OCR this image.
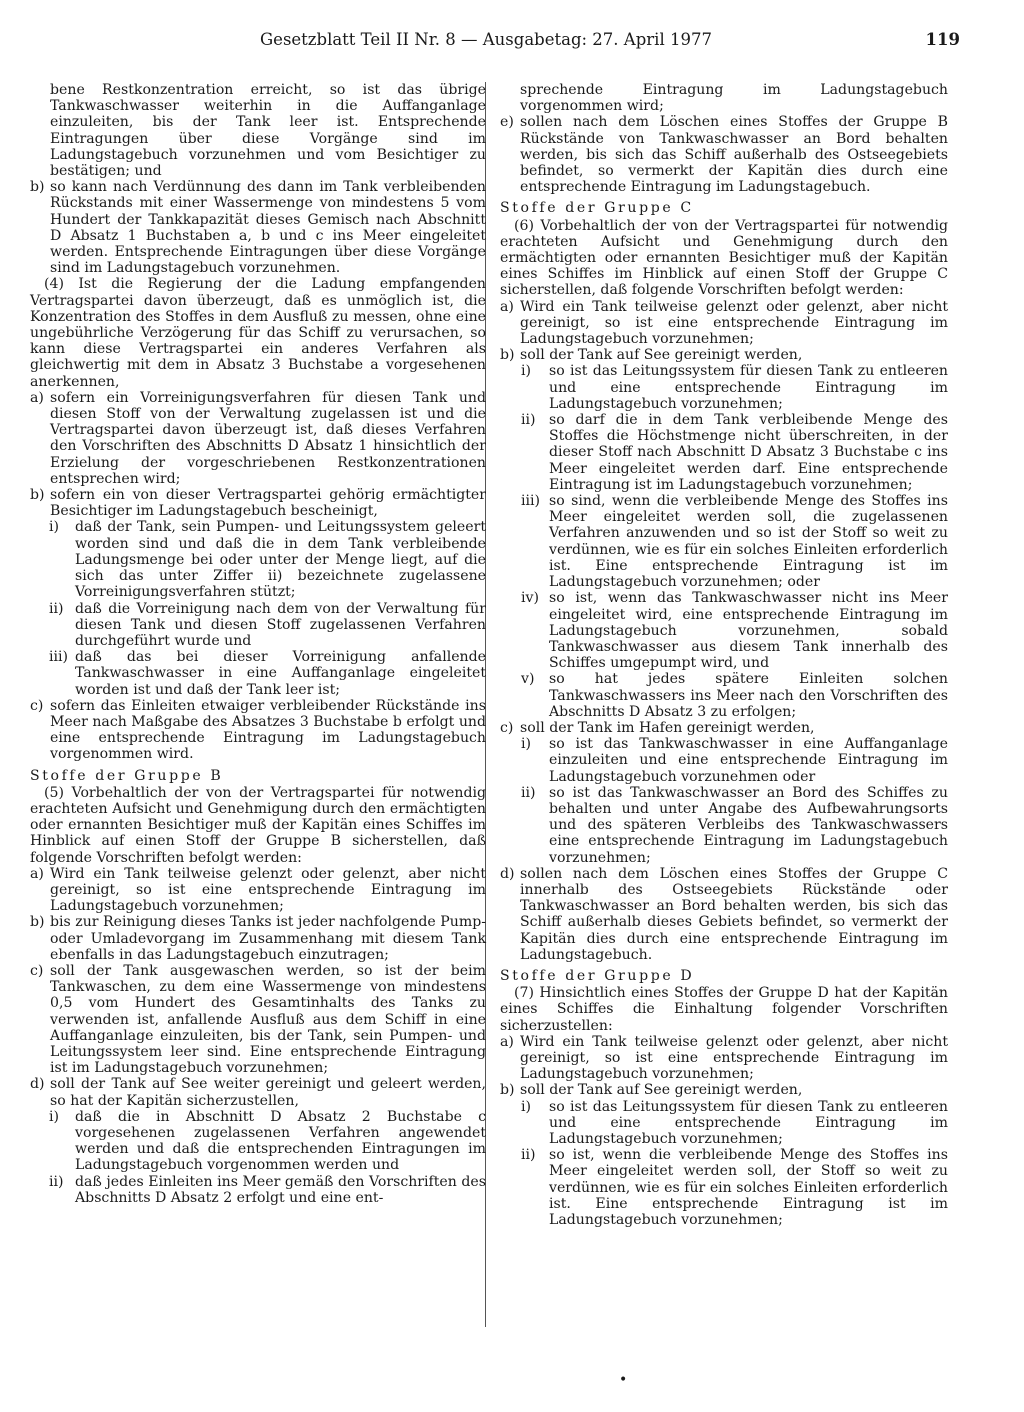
Gesetzblatt Teil II Nr. 8 — Ausgabetag: 27. April 1977	119

bene Restkonzentration erreicht, so ist das übrige Tankwaschwasser weiterhin in die Auffanganlage einzuleiten, bis der Tank leer ist. Entsprechende Eintragungen über diese Vorgänge sind im Ladungstagebuch vorzunehmen und vom Besichtiger zu bestätigen; und

b) so kann nach Verdünnung des dann im Tank verbleibenden Rückstands mit einer Wassermenge von mindestens 5 vom Hundert der Tankkapazität dieses Gemisch nach Abschnitt D Absatz 1 Buchstaben a, b und c ins Meer eingeleitet werden. Entsprechende Eintragungen über diese Vorgänge sind im Ladungstagebuch vorzunehmen.

(4) Ist die Regierung der die Ladung empfangenden Vertragspartei davon überzeugt, daß es unmöglich ist, die Konzentration des Stoffes in dem Ausfluß zu messen, ohne eine ungebührliche Verzögerung für das Schiff zu verursachen, so kann diese Vertragspartei ein anderes Verfahren als gleichwertig mit dem in Absatz 3 Buchstabe a vorgesehenen anerkennen,

a) sofern ein Vorreinigungsverfahren für diesen Tank und diesen Stoff von der Verwaltung zugelassen ist und die Vertragspartei davon überzeugt ist, daß dieses Verfahren den Vorschriften des Abschnitts D Absatz 1 hinsichtlich der Erzielung der vorgeschriebenen Restkonzentrationen entsprechen wird;
b) sofern ein von dieser Vertragspartei gehörig ermächtigter Besichtiger im Ladungstagebuch bescheinigt,
i)	daß der Tank, sein Pumpen- und Leitungssystem geleert worden sind und daß die in dem Tank verbleibende Ladungsmenge bei oder unter der Menge liegt, auf die sich das unter Ziffer ii) bezeichnete zugelassene Vorreinigungsverfahren stützt;
ii) daß die Vorreinigung nach dem von der Verwaltung für diesen Tank und diesen Stoff zugelassenen Verfahren durchgeführt wurde und
iii) daß das bei dieser Vorreinigung anfallende Tankwaschwasser in eine Auffanganlage eingeleitet worden ist und daß der Tank leer ist;
c) sofern das Einleiten etwaiger verbleibender Rückstände ins Meer nach Maßgabe des Absatzes 3 Buchstabe b erfolgt und eine entsprechende Eintragung im Ladungstagebuch vorgenommen wird.

Stoffe der Gruppe B

(5) Vorbehaltlich der von der Vertragspartei für notwendig erachteten Aufsicht und Genehmigung durch den ermächtigten oder ernannten Besichtiger muß der Kapitän eines Schiffes im Hinblick auf einen Stoff der Gruppe B sicherstellen, daß folgende Vorschriften befolgt werden:

a) Wird ein Tank teilweise gelenzt oder gelenzt, aber nicht gereinigt, so ist eine entsprechende Eintragung im Ladungstagebuch vorzunehmen;
b) bis zur Reinigung dieses Tanks ist jeder nachfolgende Pump- oder Umladevorgang im Zusammenhang mit diesem Tank ebenfalls in das Ladungstagebuch einzutragen;
c) soll der Tank ausgewaschen werden, so ist der beim Tankwaschen, zu dem eine Wassermenge von mindestens 0,5 vom Hundert des Gesamtinhalts des Tanks zu verwenden ist, anfallende Ausfluß aus dem Schiff in eine Auffanganlage einzuleiten, bis der Tank, sein Pumpen- und Leitungssystem leer sind. Eine entsprechende Eintragung ist im Ladungstagebuch vorzunehmen;
d) soll der Tank auf See weiter gereinigt und geleert werden, so hat der Kapitän sicherzustellen,
i)	daß die in Abschnitt D Absatz 2 Buchstabe c vorgesehenen zugelassenen Verfahren angewendet werden und daß die entsprechenden Eintragungen im Ladungstagebuch vorgenommen werden und
ii) daß jedes Einleiten ins Meer gemäß den Vorschriften des Abschnitts D Absatz 2 erfolgt und eine ent-

sprechende Eintragung im Ladungstagebuch vorgenommen wird;

e) sollen nach dem Löschen eines Stoffes der Gruppe B Rückstände von Tankwaschwasser an Bord behalten werden, bis sich das Schiff außerhalb des Ostseegebiets befindet, so vermerkt der Kapitän dies durch eine entsprechende Eintragung im Ladungstagebuch.

Stoffe der Gruppe C

(6) Vorbehaltlich der von der Vertragspartei für notwendig erachteten Aufsicht und Genehmigung durch den ermächtigten oder ernannten Besichtiger muß der Kapitän eines Schiffes im Hinblick auf einen Stoff der Gruppe C sicherstellen, daß folgende Vorschriften befolgt werden:

a) Wird ein Tank teilweise gelenzt oder gelenzt, aber nicht gereinigt, so ist eine entsprechende Eintragung im Ladungstagebuch vorzunehmen;
b) soll der Tank auf See gereinigt werden,
i)	so ist das Leitungssystem für diesen Tank zu entleeren und eine entsprechende Eintragung im Ladungstagebuch vorzunehmen;
ii) so darf die in dem Tank verbleibende Menge des Stoffes die Höchstmenge nicht überschreiten, in der dieser Stoff nach Abschnitt D Absatz 3 Buchstabe c ins Meer eingeleitet werden darf. Eine entsprechende Eintragung ist im Ladungstagebuch vorzunehmen;
iii) so sind, wenn die verbleibende Menge des Stoffes ins Meer eingeleitet werden soll, die zugelassenen Verfahren anzuwenden und so ist der Stoff so weit zu verdünnen, wie es für ein solches Einleiten erforderlich ist. Eine entsprechende Eintragung ist im Ladungstagebuch vorzunehmen; oder
iv) so ist, wenn das Tankwaschwasser nicht ins Meer eingeleitet wird, eine entsprechende Eintragung im Ladungstagebuch vorzunehmen, sobald Tankwaschwasser aus diesem Tank innerhalb des Schiffes umgepumpt wird, und
v)	so hat jedes spätere Einleiten solchen Tankwaschwassers ins Meer nach den Vorschriften des Abschnitts D Absatz 3 zu erfolgen;
c) soll der Tank im Hafen gereinigt werden,
i)	so ist das Tankwaschwasser in eine Auffanganlage einzuleiten und eine entsprechende Eintragung im Ladungstagebuch vorzunehmen oder
ii) so ist das Tankwaschwasser an Bord des Schiffes zu behalten und unter Angabe des Aufbewahrungsorts und des späteren Verbleibs des Tankwaschwassers eine entsprechende Eintragung im Ladungstagebuch vorzunehmen;
d) sollen nach dem Löschen eines Stoffes der Gruppe C innerhalb des Ostseegebiets Rückstände oder Tankwaschwasser an Bord behalten werden, bis sich das Schiff außerhalb dieses Gebiets befindet, so vermerkt der Kapitän dies durch eine entsprechende Eintragung im Ladungstagebuch.

Stoffe der Gruppe D

(7) Hinsichtlich eines Stoffes der Gruppe D hat der Kapitän eines Schiffes die Einhaltung folgender Vorschriften sicherzustellen:

a) Wird ein Tank teilweise gelenzt oder gelenzt, aber nicht gereinigt, so ist eine entsprechende Eintragung im Ladungstagebuch vorzunehmen;
b) soll der Tank auf See gereinigt werden,
i)	so ist das Leitungssystem für diesen Tank zu entleeren und eine entsprechende Eintragung im Ladungstagebuch vorzunehmen;
ii) so ist, wenn die verbleibende Menge des Stoffes ins Meer eingeleitet werden soll, der Stoff so weit zu verdünnen, wie es für ein solches Einleiten erforderlich ist. Eine entsprechende Eintragung ist im Ladungstagebuch vorzunehmen;
•
